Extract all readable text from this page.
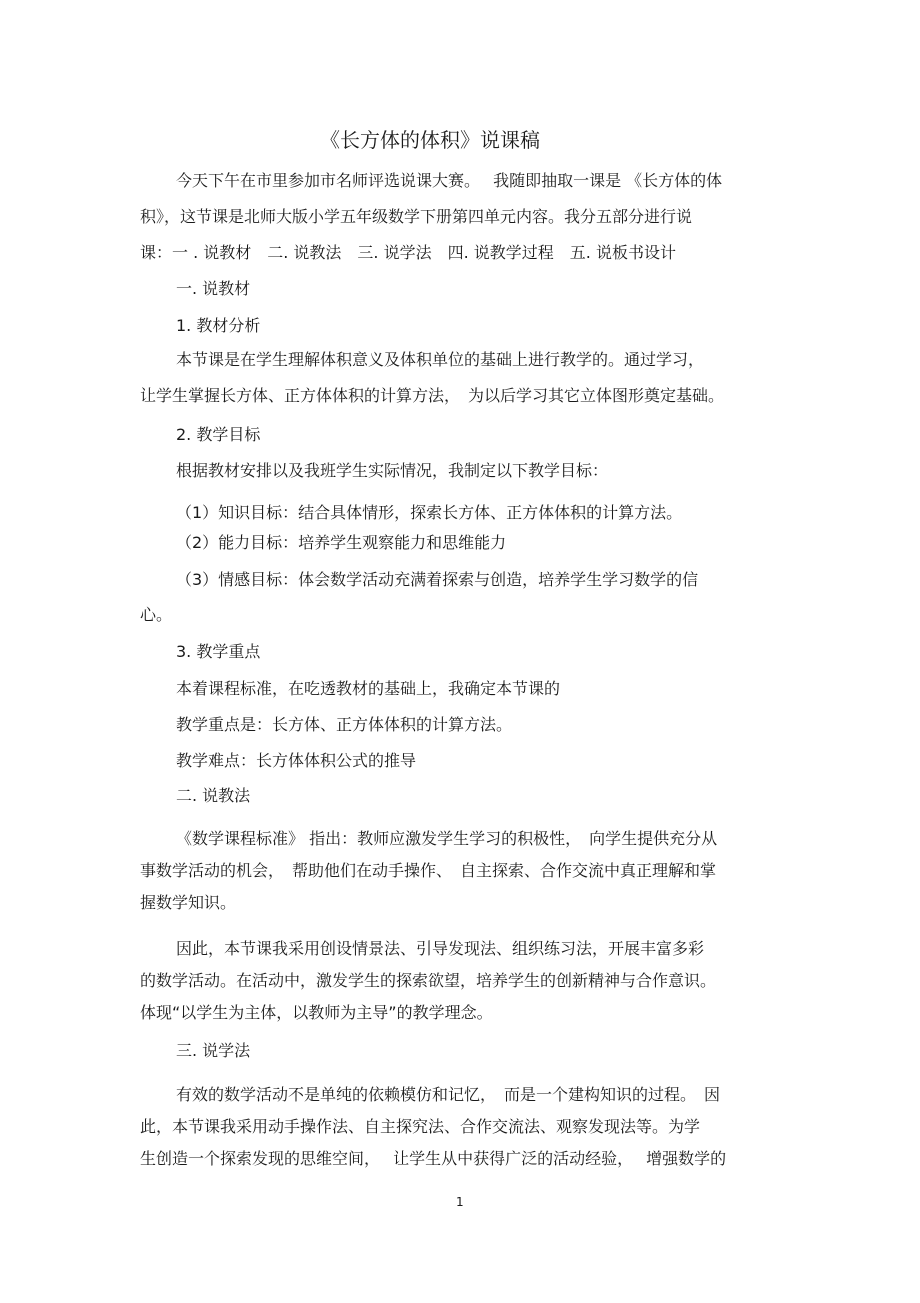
《长方体的体积》说课稿
今天下午在市里参加市名师评选说课大赛。　 我随即抽取一课是 《长方体的体
积》，这节课是北师大版小学五年级数学下册第四单元内容。我分五部分进行说
课：一 . 说教材　二. 说教法　三. 说学法　四. 说教学过程　五. 说板书设计
一. 说教材
1. 教材分析
本节课是在学生理解体积意义及体积单位的基础上进行教学的。通过学习，
让学生掌握长方体、正方体体积的计算方法，　为以后学习其它立体图形奠定基础。
2. 教学目标
根据教材安排以及我班学生实际情况，我制定以下教学目标：
（1）知识目标：结合具体情形，探索长方体、正方体体积的计算方法。
（2）能力目标：培养学生观察能力和思维能力
（3）情感目标：体会数学活动充满着探索与创造，培养学生学习数学的信
心。
3. 教学重点
本着课程标准，在吃透教材的基础上，我确定本节课的
教学重点是：长方体、正方体体积的计算方法。
教学难点：长方体体积公式的推导
二. 说教法
《数学课程标准》 指出：教师应激发学生学习的积极性，　向学生提供充分从
事数学活动的机会，　帮助他们在动手操作、　自主探索、合作交流中真正理解和掌
握数学知识。
因此，本节课我采用创设情景法、引导发现法、组织练习法，开展丰富多彩
的数学活动。在活动中，激发学生的探索欲望，培养学生的创新精神与合作意识。
体现“以学生为主体，以教师为主导”的教学理念。
三. 说学法
有效的数学活动不是单纯的依赖模仿和记忆，　而是一个建构知识的过程。　因
此，本节课我采用动手操作法、自主探究法、合作交流法、观察发现法等。为学
生创造一个探索发现的思维空间，　 让学生从中获得广泛的活动经验，　 增强数学的
1
